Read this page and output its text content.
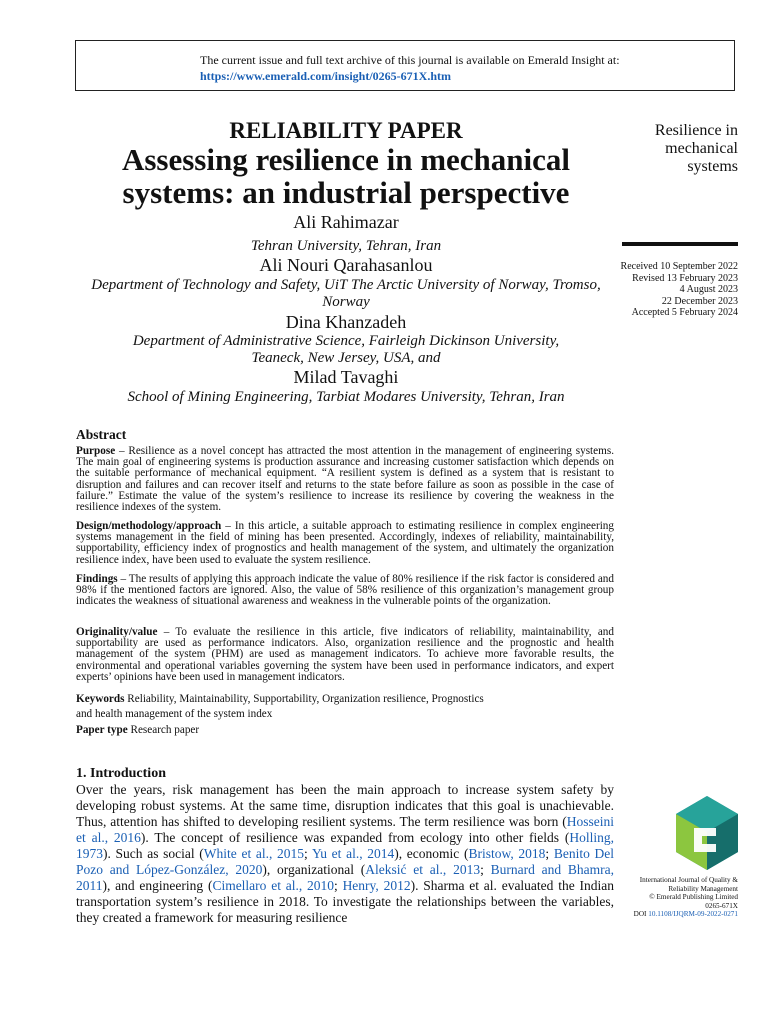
The current issue and full text archive of this journal is available on Emerald Insight at:
https://www.emerald.com/insight/0265-671X.htm
RELIABILITY PAPER
Assessing resilience in mechanical
systems: an industrial perspective
Ali Rahimazar
Tehran University, Tehran, Iran
Ali Nouri Qarahasanlou
Department of Technology and Safety, UiT The Arctic University of Norway, Tromso, Norway
Dina Khanzadeh
Department of Administrative Science, Fairleigh Dickinson University, Teaneck, New Jersey, USA, and
Milad Tavaghi
School of Mining Engineering, Tarbiat Modares University, Tehran, Iran
Resilience in mechanical systems
Received 10 September 2022
Revised 13 February 2023
4 August 2023
22 December 2023
Accepted 5 February 2024
Abstract
Purpose – Resilience as a novel concept has attracted the most attention in the management of engineering systems. The main goal of engineering systems is production assurance and increasing customer satisfaction which depends on the suitable performance of mechanical equipment. “A resilient system is defined as a system that is resistant to disruption and failures and can recover itself and returns to the state before failure as soon as possible in the case of failure.” Estimate the value of the system’s resilience to increase its resilience by covering the weakness in the resilience indexes of the system.
Design/methodology/approach – In this article, a suitable approach to estimating resilience in complex engineering systems management in the field of mining has been presented. Accordingly, indexes of reliability, maintainability, supportability, efficiency index of prognostics and health management of the system, and ultimately the organization resilience index, have been used to evaluate the system resilience.
Findings – The results of applying this approach indicate the value of 80% resilience if the risk factor is considered and 98% if the mentioned factors are ignored. Also, the value of 58% resilience of this organization’s management group indicates the weakness of situational awareness and weakness in the vulnerable points of the organization.
Originality/value – To evaluate the resilience in this article, five indicators of reliability, maintainability, and supportability are used as performance indicators. Also, organization resilience and the prognostic and health management of the system (PHM) are used as management indicators. To achieve more favorable results, the environmental and operational variables governing the system have been used in performance indicators, and expert experts’ opinions have been used in management indicators.
Keywords Reliability, Maintainability, Supportability, Organization resilience, Prognostics and health management of the system index
Paper type Research paper
1. Introduction
Over the years, risk management has been the main approach to increase system safety by developing robust systems. At the same time, disruption indicates that this goal is unachievable. Thus, attention has shifted to developing resilient systems. The term resilience was born (Hosseini et al., 2016). The concept of resilience was expanded from ecology into other fields (Holling, 1973). Such as social (White et al., 2015; Yu et al., 2014), economic (Bristow, 2018; Benito Del Pozo and López-González, 2020), organizational (Aleksić et al., 2013; Burnard and Bhamra, 2011), and engineering (Cimellaro et al., 2010; Henry, 2012). Sharma et al. evaluated the Indian transportation system’s resilience in 2018. To investigate the relationships between the variables, they created a framework for measuring resilience
International Journal of Quality &
Reliability Management
© Emerald Publishing Limited
0265-671X
DOI 10.1108/IJQRM-09-2022-0271
